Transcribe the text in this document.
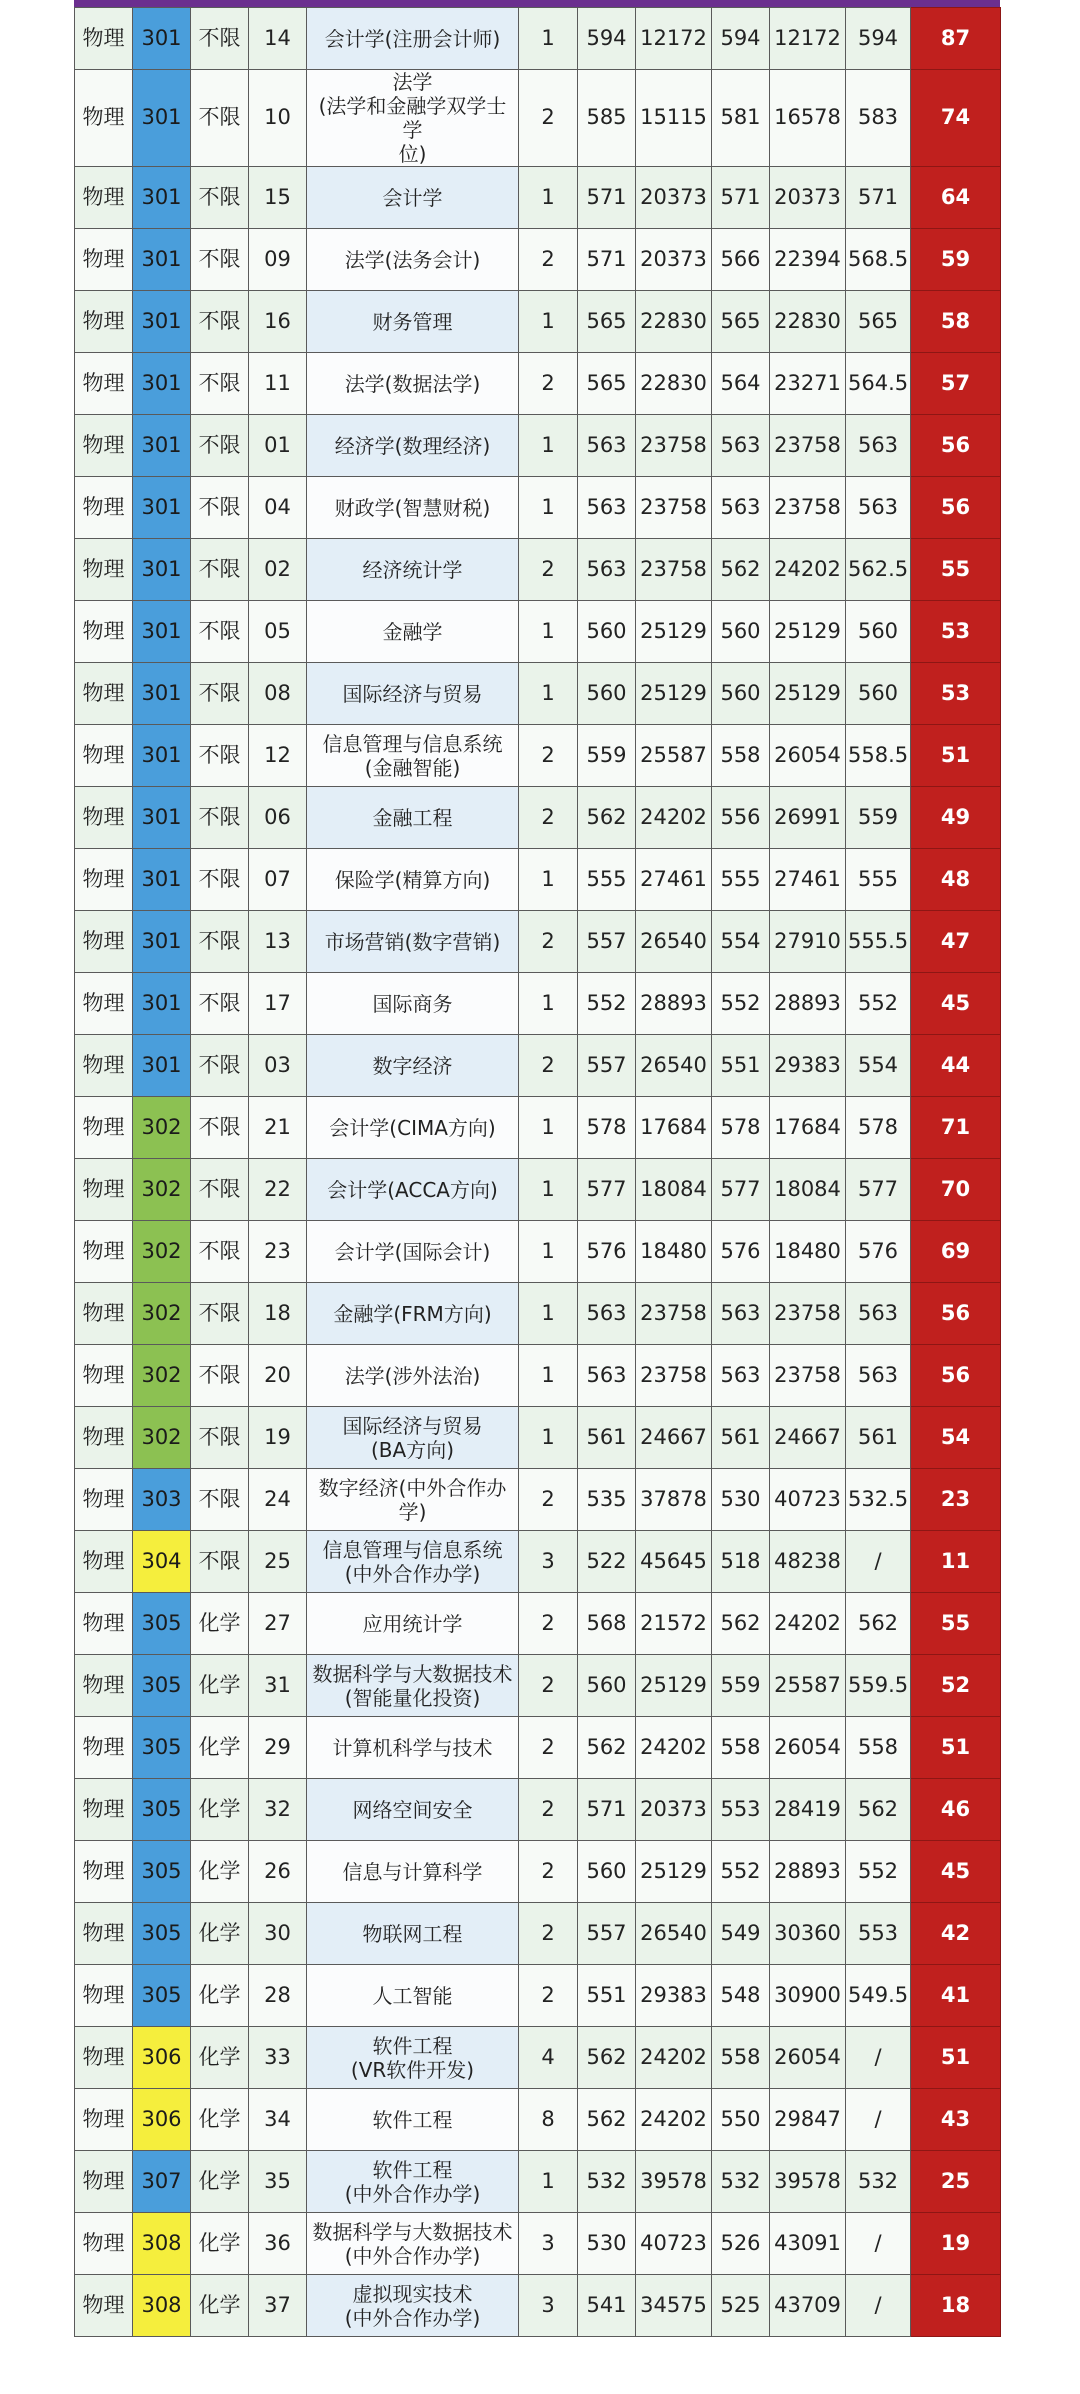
物理	301	不限	14	会计学(注册会计师)	1	594	12172	594	12172	594	87
物理	301	不限	10	法学
(法学和金融学双学士学
位)	2	585	15115	581	16578	583	74
物理	301	不限	15	会计学	1	571	20373	571	20373	571	64
物理	301	不限	09	法学(法务会计)	2	571	20373	566	22394	568.5	59
物理	301	不限	16	财务管理	1	565	22830	565	22830	565	58
物理	301	不限	11	法学(数据法学)	2	565	22830	564	23271	564.5	57
物理	301	不限	01	经济学(数理经济)	1	563	23758	563	23758	563	56
物理	301	不限	04	财政学(智慧财税)	1	563	23758	563	23758	563	56
物理	301	不限	02	经济统计学	2	563	23758	562	24202	562.5	55
物理	301	不限	05	金融学	1	560	25129	560	25129	560	53
物理	301	不限	08	国际经济与贸易	1	560	25129	560	25129	560	53
物理	301	不限	12	信息管理与信息系统
(金融智能)	2	559	25587	558	26054	558.5	51
物理	301	不限	06	金融工程	2	562	24202	556	26991	559	49
物理	301	不限	07	保险学(精算方向)	1	555	27461	555	27461	555	48
物理	301	不限	13	市场营销(数字营销)	2	557	26540	554	27910	555.5	47
物理	301	不限	17	国际商务	1	552	28893	552	28893	552	45
物理	301	不限	03	数字经济	2	557	26540	551	29383	554	44
物理	302	不限	21	会计学(CIMA方向)	1	578	17684	578	17684	578	71
物理	302	不限	22	会计学(ACCA方向)	1	577	18084	577	18084	577	70
物理	302	不限	23	会计学(国际会计)	1	576	18480	576	18480	576	69
物理	302	不限	18	金融学(FRM方向)	1	563	23758	563	23758	563	56
物理	302	不限	20	法学(涉外法治)	1	563	23758	563	23758	563	56
物理	302	不限	19	国际经济与贸易
(BA方向)	1	561	24667	561	24667	561	54
物理	303	不限	24	数字经济(中外合作办学)	2	535	37878	530	40723	532.5	23
物理	304	不限	25	信息管理与信息系统
(中外合作办学)	3	522	45645	518	48238	/	11
物理	305	化学	27	应用统计学	2	568	21572	562	24202	562	55
物理	305	化学	31	数据科学与大数据技术
(智能量化投资)	2	560	25129	559	25587	559.5	52
物理	305	化学	29	计算机科学与技术	2	562	24202	558	26054	558	51
物理	305	化学	32	网络空间安全	2	571	20373	553	28419	562	46
物理	305	化学	26	信息与计算科学	2	560	25129	552	28893	552	45
物理	305	化学	30	物联网工程	2	557	26540	549	30360	553	42
物理	305	化学	28	人工智能	2	551	29383	548	30900	549.5	41
物理	306	化学	33	软件工程
(VR软件开发)	4	562	24202	558	26054	/	51
物理	306	化学	34	软件工程	8	562	24202	550	29847	/	43
物理	307	化学	35	软件工程
(中外合作办学)	1	532	39578	532	39578	532	25
物理	308	化学	36	数据科学与大数据技术
(中外合作办学)	3	530	40723	526	43091	/	19
物理	308	化学	37	虚拟现实技术
(中外合作办学)	3	541	34575	525	43709	/	18
